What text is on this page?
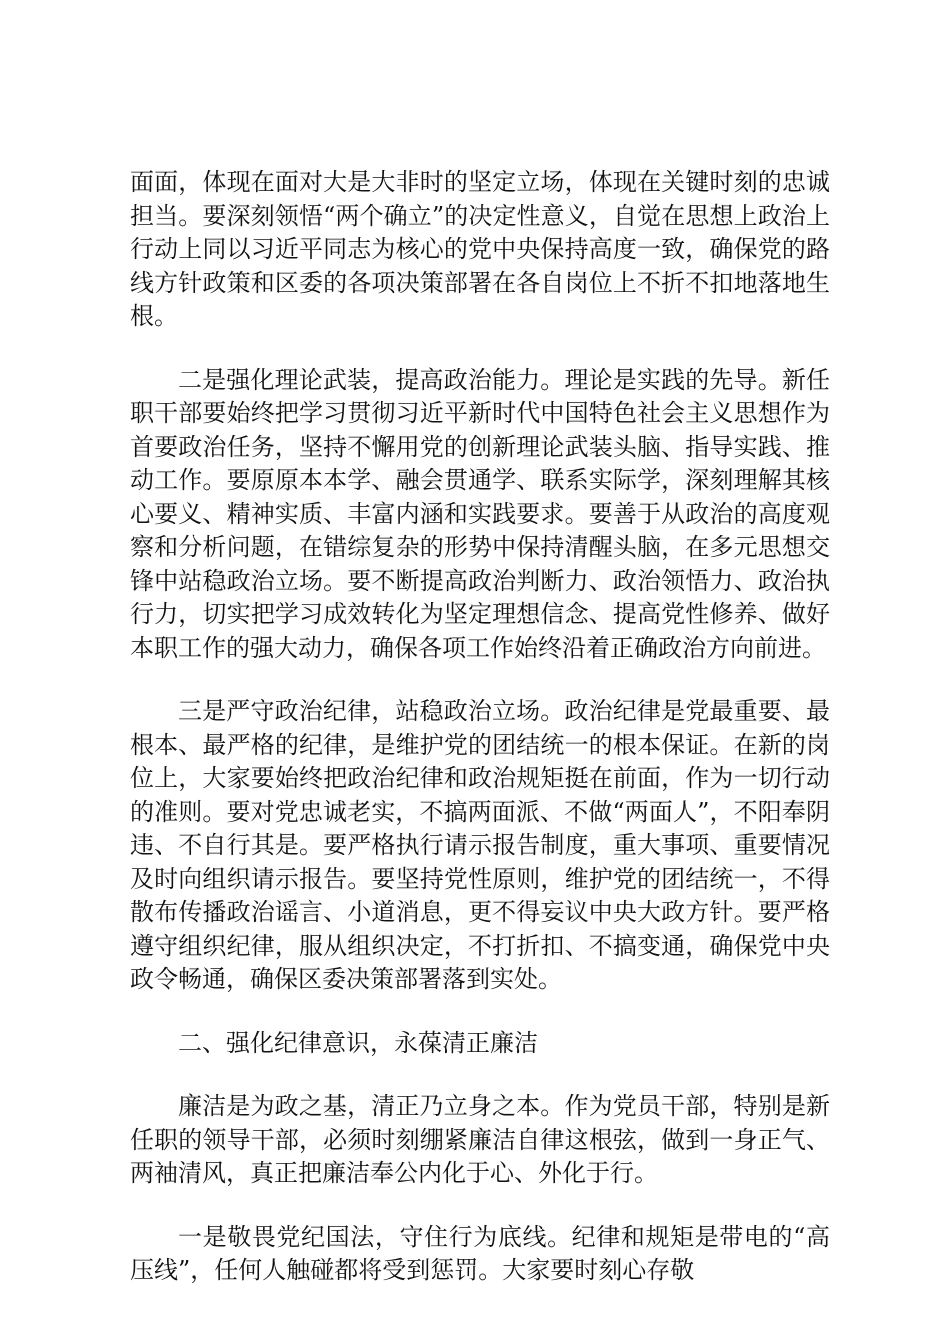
面面，体现在面对大是大非时的坚定立场，体现在关键时刻的忠诚担当。要深刻领悟“两个确立”的决定性意义，自觉在思想上政治上行动上同以习近平同志为核心的党中央保持高度一致，确保党的路线方针政策和区委的各项决策部署在各自岗位上不折不扣地落地生根。

二是强化理论武装，提高政治能力。理论是实践的先导。新任职干部要始终把学习贯彻习近平新时代中国特色社会主义思想作为首要政治任务，坚持不懈用党的创新理论武装头脑、指导实践、推动工作。要原原本本学、融会贯通学、联系实际学，深刻理解其核心要义、精神实质、丰富内涵和实践要求。要善于从政治的高度观察和分析问题，在错综复杂的形势中保持清醒头脑，在多元思想交锋中站稳政治立场。要不断提高政治判断力、政治领悟力、政治执行力，切实把学习成效转化为坚定理想信念、提高党性修养、做好本职工作的强大动力，确保各项工作始终沿着正确政治方向前进。

三是严守政治纪律，站稳政治立场。政治纪律是党最重要、最根本、最严格的纪律，是维护党的团结统一的根本保证。在新的岗位上，大家要始终把政治纪律和政治规矩挺在前面，作为一切行动的准则。要对党忠诚老实，不搞两面派、不做“两面人”，不阳奉阴违、不自行其是。要严格执行请示报告制度，重大事项、重要情况及时向组织请示报告。要坚持党性原则，维护党的团结统一，不得散布传播政治谣言、小道消息，更不得妄议中央大政方针。要严格遵守组织纪律，服从组织决定，不打折扣、不搞变通，确保党中央政令畅通，确保区委决策部署落到实处。

二、强化纪律意识，永葆清正廉洁

廉洁是为政之基，清正乃立身之本。作为党员干部，特别是新任职的领导干部，必须时刻绷紧廉洁自律这根弦，做到一身正气、两袖清风，真正把廉洁奉公内化于心、外化于行。

一是敬畏党纪国法，守住行为底线。纪律和规矩是带电的“高压线”，任何人触碰都将受到惩罚。大家要时刻心存敬
